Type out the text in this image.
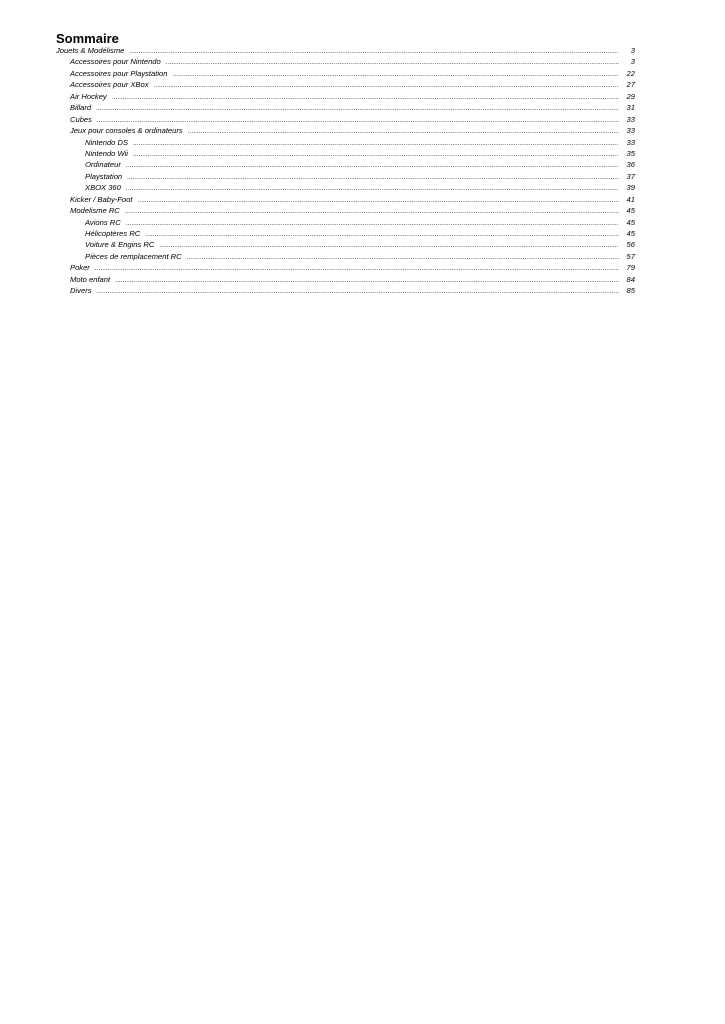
Sommaire
Jouets & Modélisme .....	3
Accessoires pour Nintendo .....	3
Accessoires pour Playstation .....	22
Accessoires pour XBox .....	27
Air Hockey .....	29
Billard .....	31
Cubes .....	33
Jeux pour consoles & ordinateurs .....	33
Nintendo DS .....	33
Nintendo Wii .....	35
Ordinateur .....	36
Playstation .....	37
XBOX 360 .....	39
Kicker / Baby-Foot .....	41
Modelisme RC .....	45
Avions RC .....	45
Hélicoptères RC .....	45
Voiture & Engins RC .....	56
Pièces de remplacement RC .....	57
Poker .....	79
Moto enfant .....	84
Divers .....	85
